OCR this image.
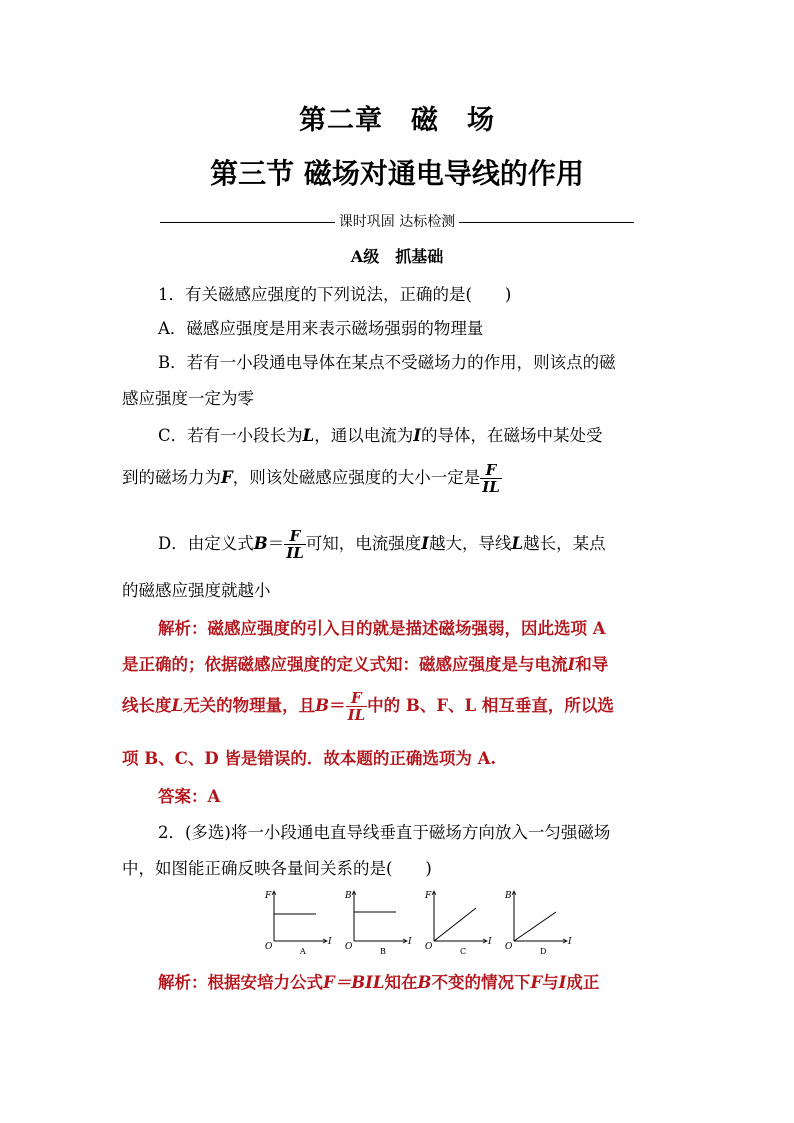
第二章　磁　场
第三节 磁场对通电导线的作用
课时巩固 达标检测
A级　抓基础
1．有关磁感应强度的下列说法，正确的是(　　)
A．磁感应强度是用来表示磁场强弱的物理量
B．若有一小段通电导体在某点不受磁场力的作用，则该点的磁
感应强度一定为零
C．若有一小段长为L，通以电流为I的导体，在磁场中某处受
到的磁场力为F，则该处磁感应强度的大小一定是 $\frac{F}{IL}$
D．由定义式$B= \frac{F}{IL}$ 可知，电流强度I越大，导线L越长，某点
的磁感应强度就越小
解析：磁感应强度的引入目的就是描述磁场强弱，因此选项 A
是正确的；依据磁感应强度的定义式知：磁感应强度是与电流I和导
线长度L无关的物理量，且$B= \frac{F}{IL}$ 中的 B、F、L 相互垂直，所以选
项 B、C、D 皆是错误的．故本题的正确选项为 A.
答案：A
2．(多选)将一小段通电直导线垂直于磁场方向放入一匀强磁场
中，如图能正确反映各量间关系的是(　　)
F
O	I
A
B
O	I
B
F
O	I
C
B
O	I
D
解析：根据安培力公式F＝BIL知在B不变的情况下F与I成正
